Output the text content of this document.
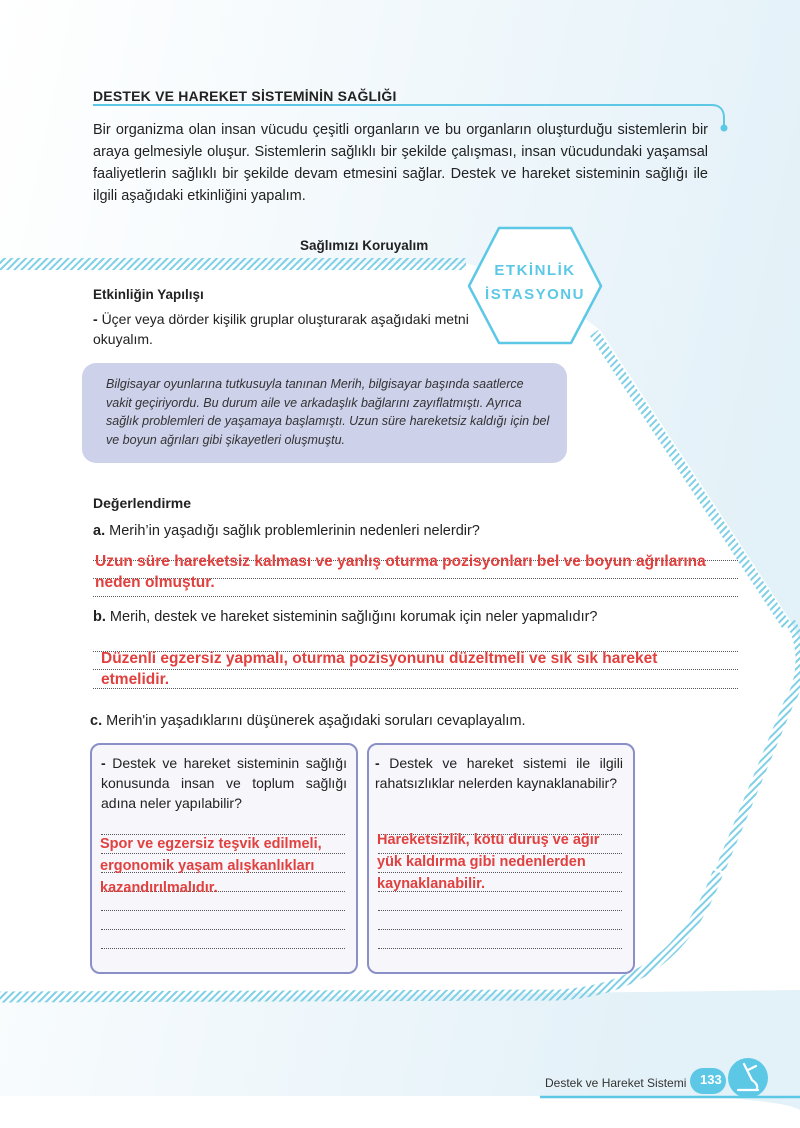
DESTEK VE HAREKET SİSTEMİNİN SAĞLIĞI
Bir organizma olan insan vücudu çeşitli organların ve bu organların oluşturduğu sistemlerin bir araya gelmesiyle oluşur. Sistemlerin sağlıklı bir şekilde çalışması, insan vücudundaki yaşamsal faaliyetlerin sağlıklı bir şekilde devam etmesini sağlar. Destek ve hareket sisteminin sağlığı ile ilgili aşağıdaki etkinliğini yapalım.
Sağlımızı Koruyalım
ETKİNLİK
İSTASYONU
Etkinliğin Yapılışı
- Üçer veya dörder kişilik gruplar oluşturarak aşağıdaki metni okuyalım.
Bilgisayar oyunlarına tutkusuyla tanınan Merih, bilgisayar başında saatlerce vakit geçiriyordu. Bu durum aile ve arkadaşlık bağlarını zayıflatmıştı. Ayrıca sağlık problemleri de yaşamaya başlamıştı. Uzun süre hareketsiz kaldığı için bel ve boyun ağrıları gibi şikayetleri oluşmuştu.
Değerlendirme
a. Merih’in yaşadığı sağlık problemlerinin nedenleri nelerdir?
Uzun süre hareketsiz kalması ve yanlış oturma pozisyonları bel ve boyun ağrılarına neden olmuştur.
b. Merih, destek ve hareket sisteminin sağlığını korumak için neler yapmalıdır?
Düzenli egzersiz yapmalı, oturma pozisyonunu düzeltmeli ve sık sık hareket etmelidir.
c. Merih'in yaşadıklarını düşünerek aşağıdaki soruları cevaplayalım.
- Destek ve hareket sisteminin sağlığı konusunda insan ve toplum sağlığı adına neler yapılabilir?
Spor ve egzersiz teşvik edilmeli, ergonomik yaşam alışkanlıkları kazandırılmalıdır.
- Destek ve hareket sistemi ile ilgili rahatsızlıklar nelerden kaynaklanabilir?
Hareketsizlik, kötü duruş ve ağır yük kaldırma gibi nedenlerden kaynaklanabilir.
Destek ve Hareket Sistemi 133
